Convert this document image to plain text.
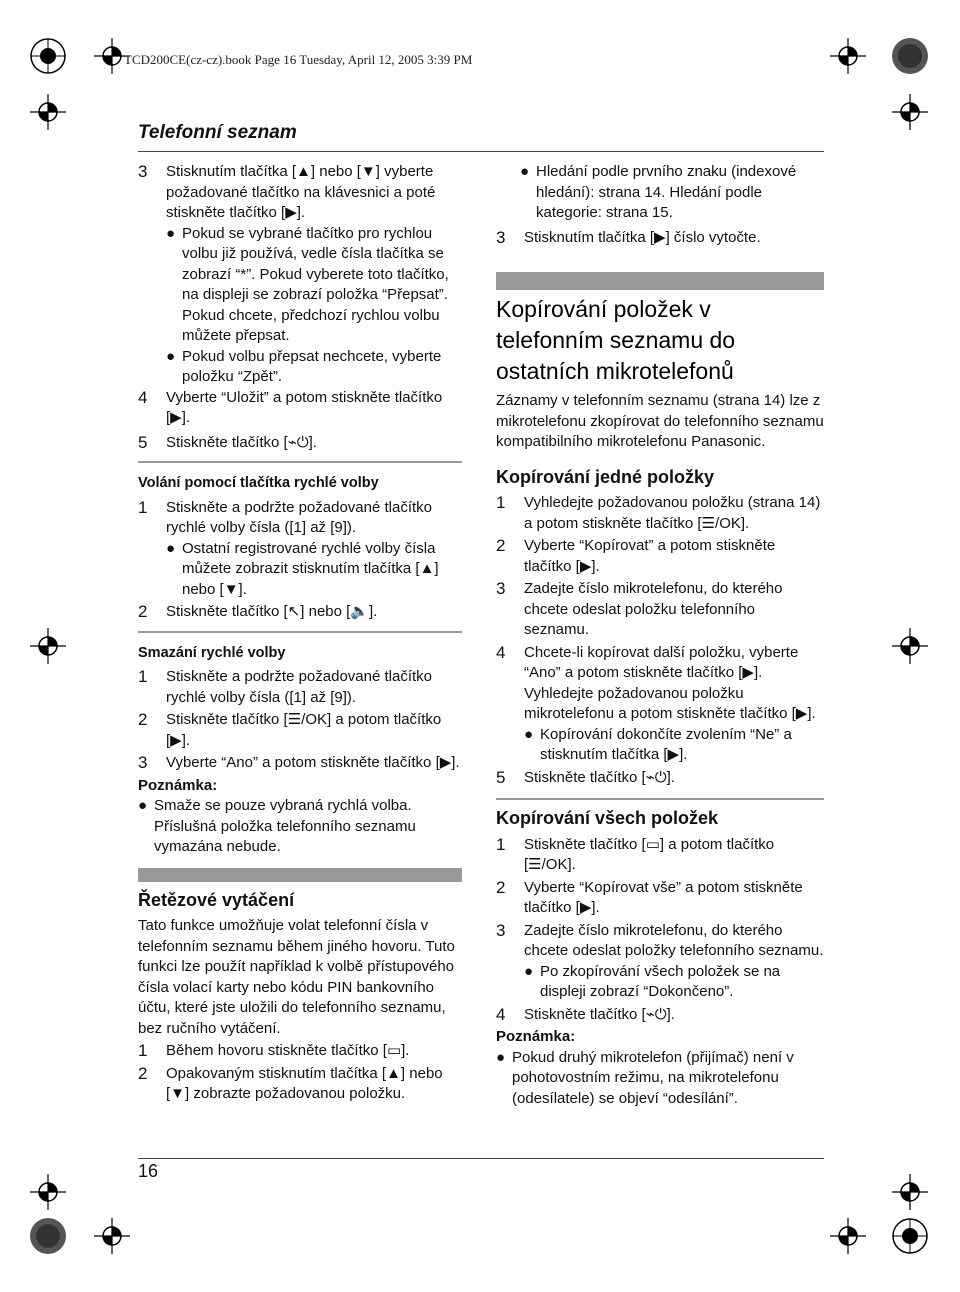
TCD200CE(cz-cz).book Page 16 Tuesday, April 12, 2005 3:39 PM
Telefonní seznam
3 Stisknutím tlačítka [▲] nebo [▼] vyberte požadované tlačítko na klávesnici a poté stiskněte tlačítko [▶].
● Pokud se vybrané tlačítko pro rychlou volbu již používá, vedle čísla tlačítka se zobrazí “*”. Pokud vyberete toto tlačítko, na displeji se zobrazí položka “Přepsat”. Pokud chcete, předchozí rychlou volbu můžete přepsat.
● Pokud volbu přepsat nechcete, vyberte položku “Zpět”.
4 Vyberte “Uložit” a potom stiskněte tlačítko [▶].
5 Stiskněte tlačítko [⌁⏻].
Volání pomocí tlačítka rychlé volby
1 Stiskněte a podržte požadované tlačítko rychlé volby čísla ([1] až [9]).
● Ostatní registrované rychlé volby čísla můžete zobrazit stisknutím tlačítka [▲] nebo [▼].
2 Stiskněte tlačítko [↖] nebo [🔈].
Smazání rychlé volby
1 Stiskněte a podržte požadované tlačítko rychlé volby čísla ([1] až [9]).
2 Stiskněte tlačítko [☰/OK] a potom tlačítko [▶].
3 Vyberte “Ano” a potom stiskněte tlačítko [▶].
Poznámka:
● Smaže se pouze vybraná rychlá volba. Příslušná položka telefonního seznamu vymazána nebude.
Řetězové vytáčení
Tato funkce umožňuje volat telefonní čísla v telefonním seznamu během jiného hovoru. Tuto funkci lze použít například k volbě přístupového čísla volací karty nebo kódu PIN bankovního účtu, které jste uložili do telefonního seznamu, bez ručního vytáčení.
1 Během hovoru stiskněte tlačítko [▭].
2 Opakovaným stisknutím tlačítka [▲] nebo [▼] zobrazte požadovanou položku.
● Hledání podle prvního znaku (indexové hledání): strana 14. Hledání podle kategorie: strana 15.
3 Stisknutím tlačítka [▶] číslo vytočte.
Kopírování položek v telefonním seznamu do ostatních mikrotelefonů
Záznamy v telefonním seznamu (strana 14) lze z mikrotelefonu zkopírovat do telefonního seznamu kompatibilního mikrotelefonu Panasonic.
Kopírování jedné položky
1 Vyhledejte požadovanou položku (strana 14) a potom stiskněte tlačítko [☰/OK].
2 Vyberte “Kopírovat” a potom stiskněte tlačítko [▶].
3 Zadejte číslo mikrotelefonu, do kterého chcete odeslat položku telefonního seznamu.
4 Chcete-li kopírovat další položku, vyberte “Ano” a potom stiskněte tlačítko [▶]. Vyhledejte požadovanou položku mikrotelefonu a potom stiskněte tlačítko [▶].
● Kopírování dokončíte zvolením “Ne” a stisknutím tlačítka [▶].
5 Stiskněte tlačítko [⌁⏻].
Kopírování všech položek
1 Stiskněte tlačítko [▭] a potom tlačítko [☰/OK].
2 Vyberte “Kopírovat vše” a potom stiskněte tlačítko [▶].
3 Zadejte číslo mikrotelefonu, do kterého chcete odeslat položky telefonního seznamu.
● Po zkopírování všech položek se na displeji zobrazí “Dokončeno”.
4 Stiskněte tlačítko [⌁⏻].
Poznámka:
● Pokud druhý mikrotelefon (přijímač) není v pohotovostním režimu, na mikrotelefonu (odesílatele) se objeví “odesílání”.
16
